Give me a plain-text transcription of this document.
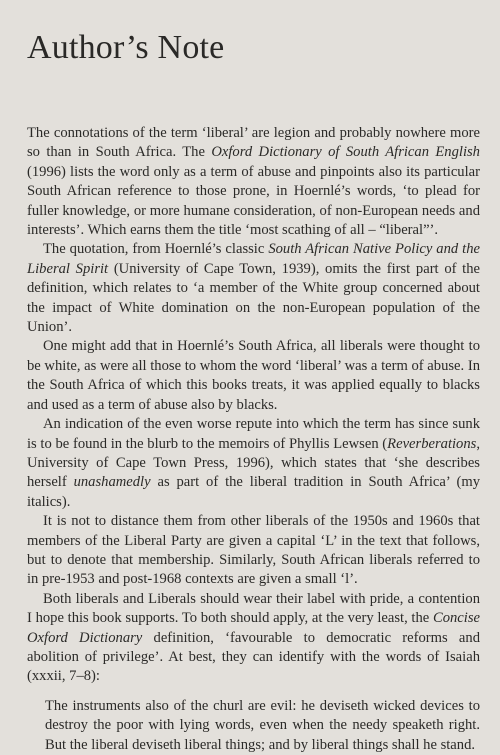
Author’s Note

The connotations of the term ‘liberal’ are legion and probably nowhere more so than in South Africa. The Oxford Dictionary of South African English (1996) lists the word only as a term of abuse and pinpoints also its particular South African reference to those prone, in Hoernlé’s words, ‘to plead for fuller knowledge, or more humane consideration, of non-European needs and interests’. Which earns them the title ‘most scathing of all – “liberal”’.

The quotation, from Hoernlé’s classic South African Native Policy and the Liberal Spirit (University of Cape Town, 1939), omits the first part of the definition, which relates to ‘a member of the White group concerned about the impact of White domination on the non-European population of the Union’.

One might add that in Hoernlé’s South Africa, all liberals were thought to be white, as were all those to whom the word ‘liberal’ was a term of abuse. In the South Africa of which this books treats, it was applied equally to blacks and used as a term of abuse also by blacks.

An indication of the even worse repute into which the term has since sunk is to be found in the blurb to the memoirs of Phyllis Lewsen (Reverberations, University of Cape Town Press, 1996), which states that ‘she describes herself unashamedly as part of the liberal tradition in South Africa’ (my italics).

It is not to distance them from other liberals of the 1950s and 1960s that members of the Liberal Party are given a capital ‘L’ in the text that follows, but to denote that membership. Similarly, South African liberals referred to in pre-1953 and post-1968 contexts are given a small ‘l’.

Both liberals and Liberals should wear their label with pride, a contention I hope this book supports. To both should apply, at the very least, the Concise Oxford Dictionary definition, ‘favourable to democratic reforms and abolition of privilege’. At best, they can identify with the words of Isaiah (xxxii, 7–8):

The instruments also of the churl are evil: he deviseth wicked devices to destroy the poor with lying words, even when the needy speaketh right. But the liberal deviseth liberal things; and by liberal things shall he stand.
